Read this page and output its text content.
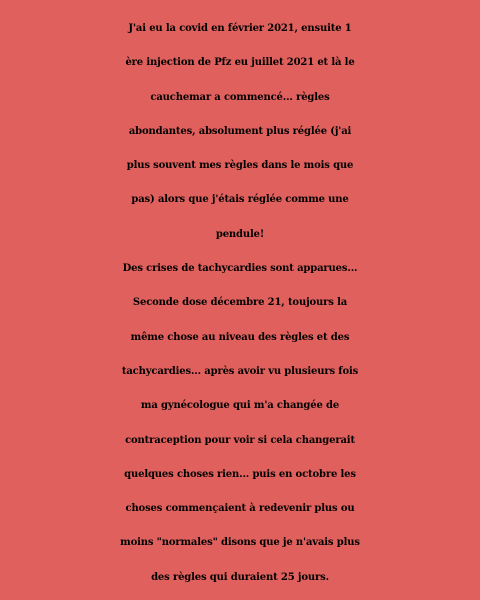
J'ai eu la covid en février 2021, ensuite 1
ère injection de Pfz eu juillet 2021 et là le
cauchemar a commencé... règles
abondantes, absolument plus réglée (j'ai
plus souvent mes règles dans le mois que
pas) alors que j'étais réglée comme une
pendule!
Des crises de tachycardies sont apparues...
Seconde dose décembre 21, toujours la
même chose au niveau des règles et des
tachycardies... après avoir vu plusieurs fois
ma gynécologue qui m'a changée de
contraception pour voir si cela changerait
quelques choses rien... puis en octobre les
choses commençaient à redevenir plus ou
moins "normales" disons que je n'avais plus
des règles qui duraient 25 jours.
